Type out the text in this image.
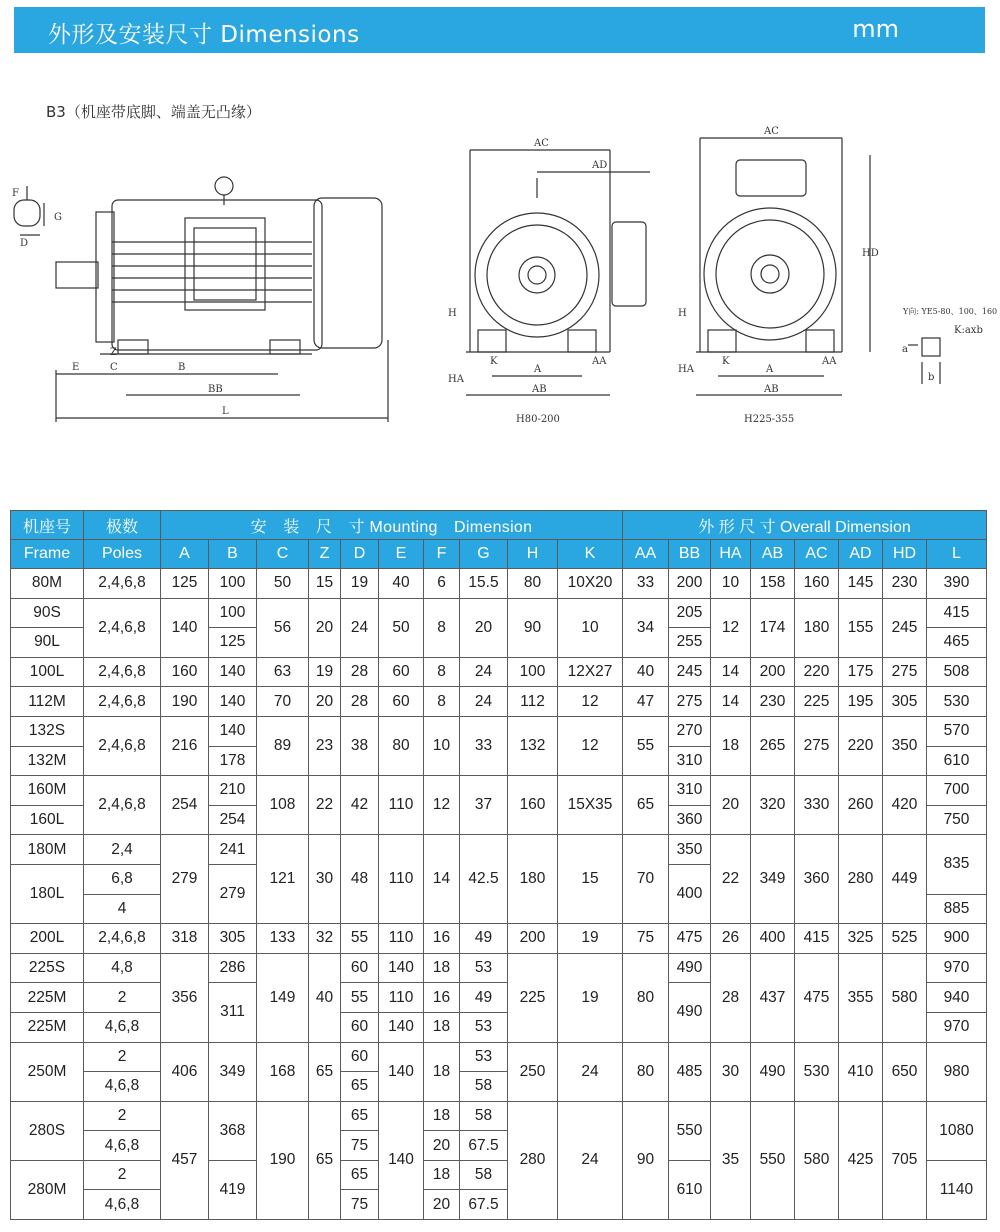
外形及安装尺寸 Dimensions	mm
B3（机座带底脚、端盖无凸缘）
F
G
D
E	C	B
Z
BB
L
AC
AD
H
HA
K
A
AA
AB
H80-200
AC
HD
H
HA
K
A
AA
AB
H225-355
Y向: YE5-80、100、160
K:axb
a
b
机座号	极数	安　装　尺　寸 Mounting　Dimension										外 形 尺 寸 Overall Dimension							
Frame	Poles	A	B	C	Z	D	E	F	G	H	K	AA	BB	HA	AB	AC	AD	HD	L
80M	2,4,6,8	125	100	50	15	19	40	6	15.5	80	10X20	33	200	10	158	160	145	230	390
90S	2,4,6,8	140	100	56	20	24	50	8	20	90	10	34	205	12	174	180	155	245	415
90L			125										255						465
100L	2,4,6,8	160	140	63	19	28	60	8	24	100	12X27	40	245	14	200	220	175	275	508
112M	2,4,6,8	190	140	70	20	28	60	8	24	112	12	47	275	14	230	225	195	305	530
132S	2,4,6,8	216	140	89	23	38	80	10	33	132	12	55	270	18	265	275	220	350	570
132M			178										310						610
160M	2,4,6,8	254	210	108	22	42	110	12	37	160	15X35	65	310	20	320	330	260	420	700
160L			254										360						750
180M	2,4	279	241	121	30	48	110	14	42.5	180	15	70	350	22	349	360	280	449	835
180L	6,8		279										400						
	4																		885
200L	2,4,6,8	318	305	133	32	55	110	16	49	200	19	75	475	26	400	415	325	525	900
225S	4,8	356	286	149	40	60	140	18	53	225	19	80	490	28	437	475	355	580	970
225M	2		311			55	110	16	49				490						940
225M	4,6,8					60	140	18	53										970
250M	2	406	349	168	65	60	140	18	53	250	24	80	485	30	490	530	410	650	980
	4,6,8					65			58										
280S	2	457	368	190	65	65	140	18	58	280	24	90	550	35	550	580	425	705	1080
	4,6,8					75		20	67.5										
280M	2		419			65		18	58				610						1140
	4,6,8					75		20	67.5										
